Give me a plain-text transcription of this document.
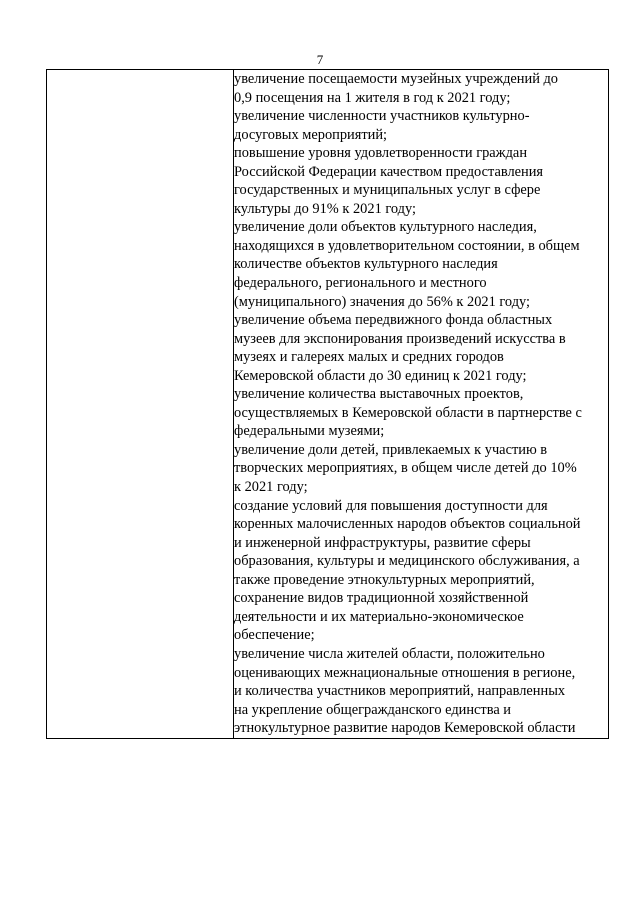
7

увеличение посещаемости музейных учреждений до
0,9 посещения на 1 жителя в год к 2021 году;
увеличение численности участников культурно-
досуговых мероприятий;
повышение уровня удовлетворенности граждан
Российской Федерации качеством предоставления
государственных и муниципальных услуг в сфере
культуры до 91% к 2021 году;
увеличение доли объектов культурного наследия,
находящихся в удовлетворительном состоянии, в общем
количестве объектов культурного наследия
федерального, регионального и местного
(муниципального) значения до 56% к 2021 году;
увеличение объема передвижного фонда областных
музеев для экспонирования произведений искусства в
музеях и галереях малых и средних городов
Кемеровской области до 30 единиц к 2021 году;
увеличение количества выставочных проектов,
осуществляемых в Кемеровской области в партнерстве с
федеральными музеями;
увеличение доли детей, привлекаемых к участию в
творческих мероприятиях, в общем числе детей до 10%
к 2021 году;
создание условий для повышения доступности для
коренных малочисленных народов объектов социальной
и инженерной инфраструктуры, развитие сферы
образования, культуры и медицинского обслуживания, а
также проведение этнокультурных мероприятий,
сохранение видов традиционной хозяйственной
деятельности и их материально-экономическое
обеспечение;
увеличение числа жителей области, положительно
оценивающих межнациональные отношения в регионе,
и количества участников мероприятий, направленных
на укрепление общегражданского единства и
этнокультурное развитие народов Кемеровской области
